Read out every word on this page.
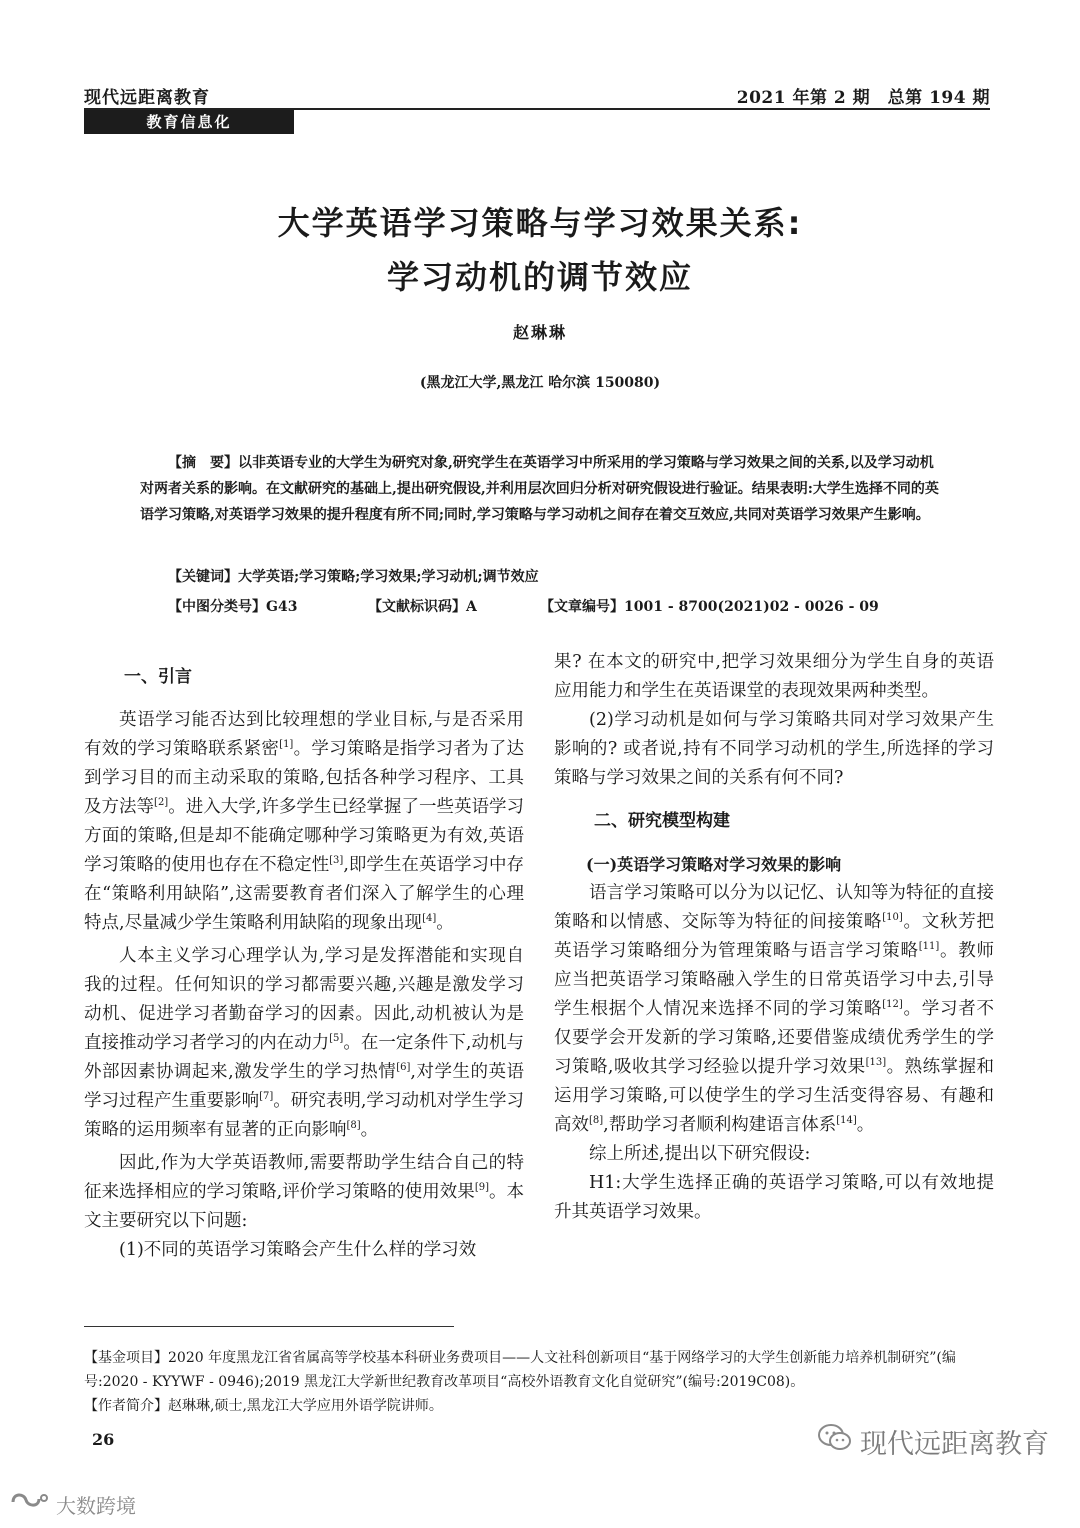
现代远距离教育	2021 年第 2 期　总第 194 期
教育信息化
大学英语学习策略与学习效果关系:
学习动机的调节效应
赵琳琳
(黑龙江大学,黑龙江 哈尔滨 150080)

【摘　要】以非英语专业的大学生为研究对象,研究学生在英语学习中所采用的学习策略与学习效果之间的关系,以及学习动机对两者关系的影响。在文献研究的基础上,提出研究假设,并利用层次回归分析对研究假设进行验证。结果表明:大学生选择不同的英语学习策略,对英语学习效果的提升程度有所不同;同时,学习策略与学习动机之间存在着交互效应,共同对英语学习效果产生影响。

【关键词】大学英语;学习策略;学习效果;学习动机;调节效应
【中图分类号】G43	【文献标识码】A	【文章编号】1001 - 8700(2021)02 - 0026 - 09
一、引言

英语学习能否达到比较理想的学业目标,与是否采用有效的学习策略联系紧密[1]。学习策略是指学习者为了达到学习目的而主动采取的策略,包括各种学习程序、工具及方法等[2]。进入大学,许多学生已经掌握了一些英语学习方面的策略,但是却不能确定哪种学习策略更为有效,英语学习策略的使用也存在不稳定性[3],即学生在英语学习中存在“策略利用缺陷”,这需要教育者们深入了解学生的心理特点,尽量减少学生策略利用缺陷的现象出现[4]。

人本主义学习心理学认为,学习是发挥潜能和实现自我的过程。任何知识的学习都需要兴趣,兴趣是激发学习动机、促进学习者勤奋学习的因素。因此,动机被认为是直接推动学习者学习的内在动力[5]。在一定条件下,动机与外部因素协调起来,激发学生的学习热情[6],对学生的英语学习过程产生重要影响[7]。研究表明,学习动机对学生学习策略的运用频率有显著的正向影响[8]。

因此,作为大学英语教师,需要帮助学生结合自己的特征来选择相应的学习策略,评价学习策略的使用效果[9]。本文主要研究以下问题:

(1)不同的英语学习策略会产生什么样的学习效

果? 在本文的研究中,把学习效果细分为学生自身的英语应用能力和学生在英语课堂的表现效果两种类型。

(2)学习动机是如何与学习策略共同对学习效果产生影响的? 或者说,持有不同学习动机的学生,所选择的学习策略与学习效果之间的关系有何不同?

二、研究模型构建
(一)英语学习策略对学习效果的影响

语言学习策略可以分为以记忆、认知等为特征的直接策略和以情感、交际等为特征的间接策略[10]。文秋芳把英语学习策略细分为管理策略与语言学习策略[11]。教师应当把英语学习策略融入学生的日常英语学习中去,引导学生根据个人情况来选择不同的学习策略[12]。学习者不仅要学会开发新的学习策略,还要借鉴成绩优秀学生的学习策略,吸收其学习经验以提升学习效果[13]。熟练掌握和运用学习策略,可以使学生的学习生活变得容易、有趣和高效[8],帮助学习者顺利构建语言体系[14]。

综上所述,提出以下研究假设:

H1:大学生选择正确的英语学习策略,可以有效地提升其英语学习效果。

【基金项目】2020 年度黑龙江省省属高等学校基本科研业务费项目——人文社科创新项目“基于网络学习的大学生创新能力培养机制研究”(编号:2020 - KYYWF - 0946);2019 黑龙江大学新世纪教育改革项目“高校外语教育文化自觉研究”(编号:2019C08)。

【作者简介】赵琳琳,硕士,黑龙江大学应用外语学院讲师。

26	现代远距离教育
大数跨境
